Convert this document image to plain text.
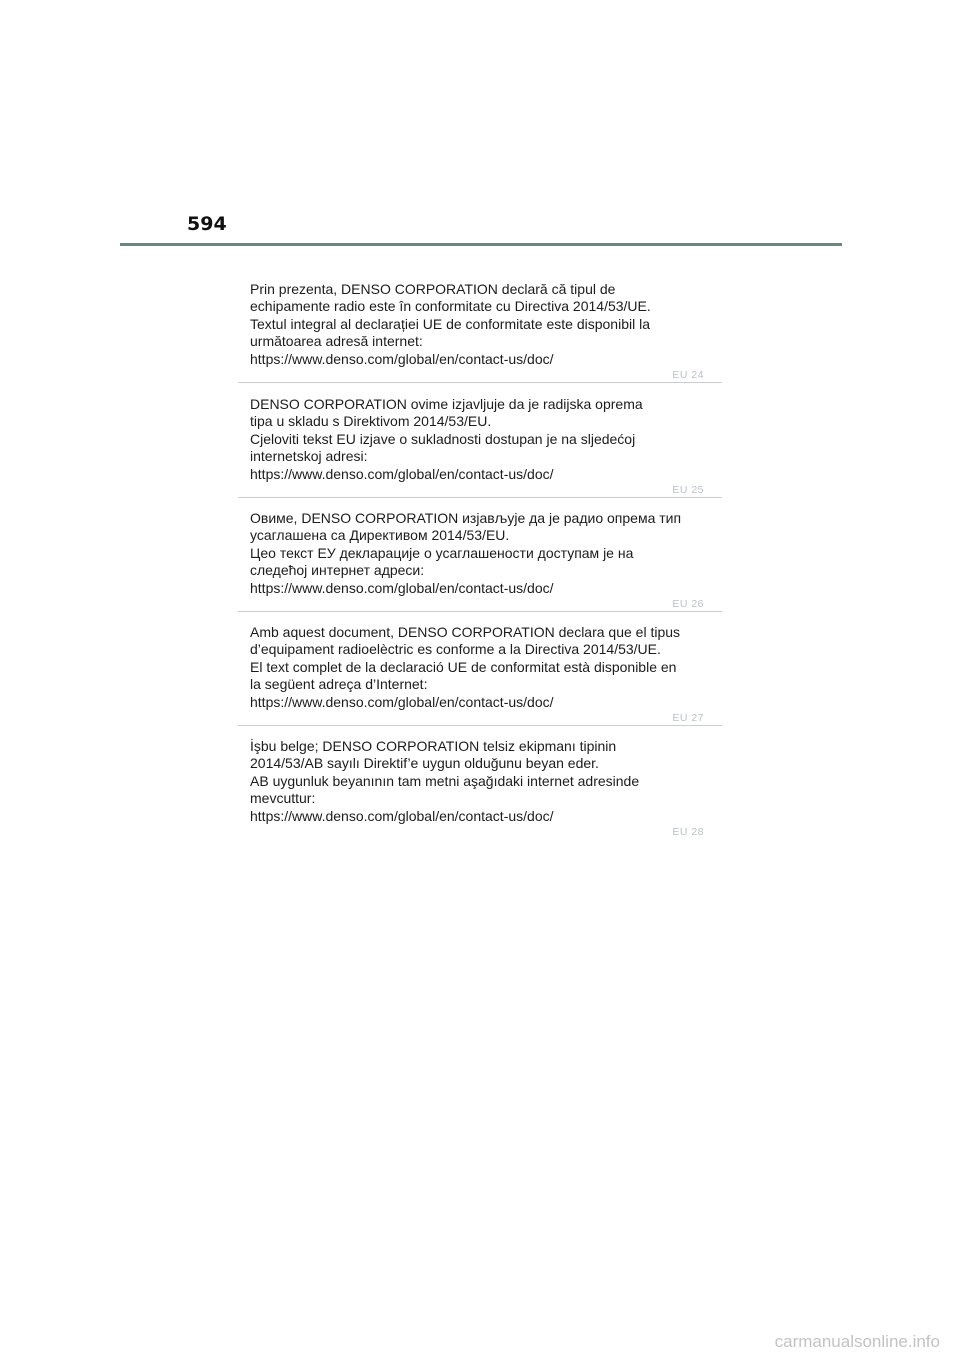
594
Prin prezenta, DENSO CORPORATION declară că tipul de
echipamente radio este în conformitate cu Directiva 2014/53/UE.
Textul integral al declarației UE de conformitate este disponibil la
următoarea adresă internet:
https://www.denso.com/global/en/contact-us/doc/
EU 24
DENSO CORPORATION ovime izjavljuje da je radijska oprema
tipa u skladu s Direktivom 2014/53/EU.
Cjeloviti tekst EU izjave o sukladnosti dostupan je na sljedećoj
internetskoj adresi:
https://www.denso.com/global/en/contact-us/doc/
EU 25
Овиме, DENSO CORPORATION изјављује да је радио опрема тип
усаглашена са Директивом 2014/53/EU.
Цео текст ЕУ декларације о усаглашености доступам је на
следећој интернет адреси:
https://www.denso.com/global/en/contact-us/doc/
EU 26
Amb aquest document, DENSO CORPORATION declara que el tipus
d’equipament radioelèctric es conforme a la Directiva 2014/53/UE.
El text complet de la declaració UE de conformitat està disponible en
la següent adreça d’Internet:
https://www.denso.com/global/en/contact-us/doc/
EU 27
İşbu belge; DENSO CORPORATION telsiz ekipmanı tipinin
2014/53/AB sayılı Direktif’e uygun olduğunu beyan eder.
AB uygunluk beyanının tam metni aşağıdaki internet adresinde
mevcuttur:
https://www.denso.com/global/en/contact-us/doc/
EU 28
carmanualsonline.info
